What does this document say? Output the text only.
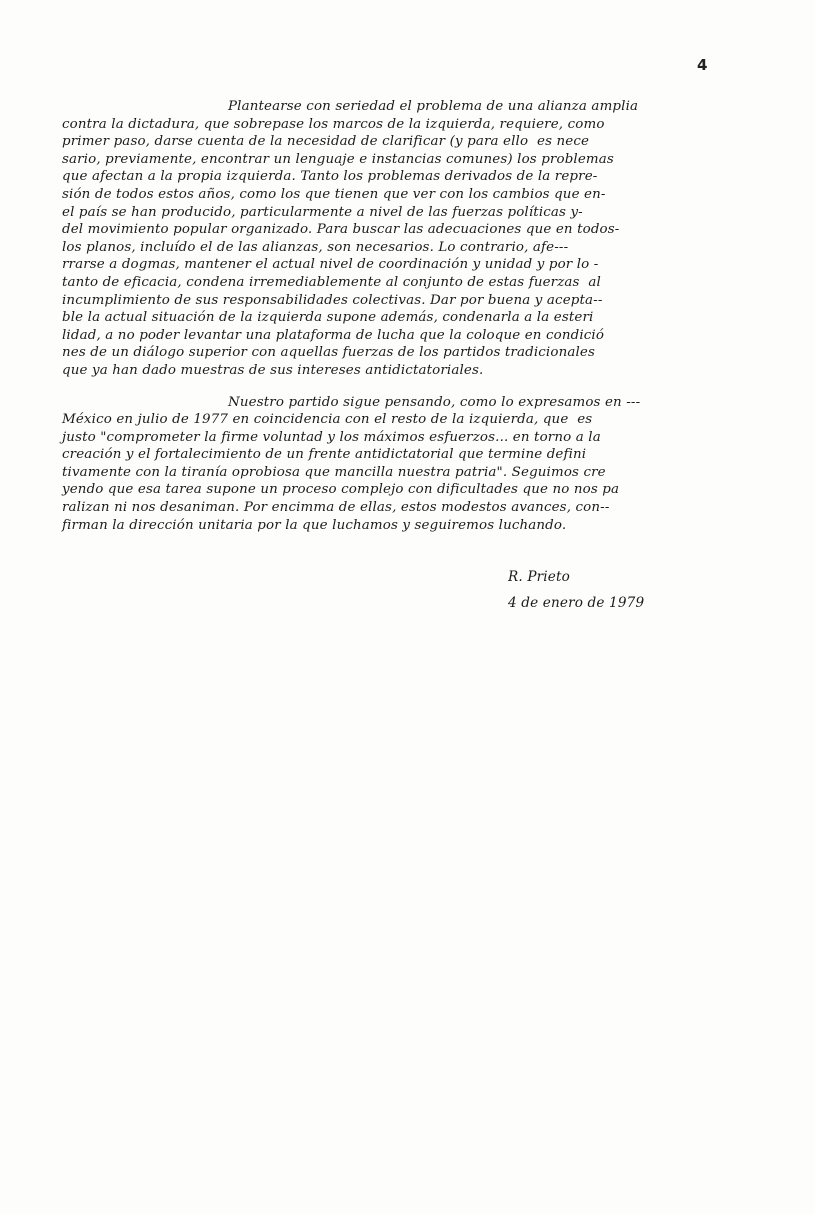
4
Plantearse con seriedad el problema de una alianza amplia
contra la dictadura, que sobrepase los marcos de la izquierda, requiere, como
primer paso, darse cuenta de la necesidad de clarificar (y para ello  es nece
sario, previamente, encontrar un lenguaje e instancias comunes) los problemas
que afectan a la propia izquierda. Tanto los problemas derivados de la repre-
sión de todos estos años, como los que tienen que ver con los cambios que en-
el país se han producido, particularmente a nivel de las fuerzas políticas y-
del movimiento popular organizado. Para buscar las adecuaciones que en todos-
los planos, incluído el de las alianzas, son necesarios. Lo contrario, afe---
rrarse a dogmas, mantener el actual nivel de coordinación y unidad y por lo -
tanto de eficacia, condena irremediablemente al conjunto de estas fuerzas  al
incumplimiento de sus responsabilidades colectivas. Dar por buena y acepta--
ble la actual situación de la izquierda supone además, condenarla a la esteri
lidad, a no poder levantar una plataforma de lucha que la coloque en condició
nes de un diálogo superior con aquellas fuerzas de los partidos tradicionales
que ya han dado muestras de sus intereses antidictatoriales.
Nuestro partido sigue pensando, como lo expresamos en ---
México en julio de 1977 en coincidencia con el resto de la izquierda, que  es
justo "comprometer la firme voluntad y los máximos esfuerzos... en torno a la
creación y el fortalecimiento de un frente antidictatorial que termine defini
tivamente con la tiranía oprobiosa que mancilla nuestra patria". Seguimos cre
yendo que esa tarea supone un proceso complejo con dificultades que no nos pa
ralizan ni nos desaniman. Por encimma de ellas, estos modestos avances, con--
firman la dirección unitaria por la que luchamos y seguiremos luchando.
R. Prieto
4 de enero de 1979
